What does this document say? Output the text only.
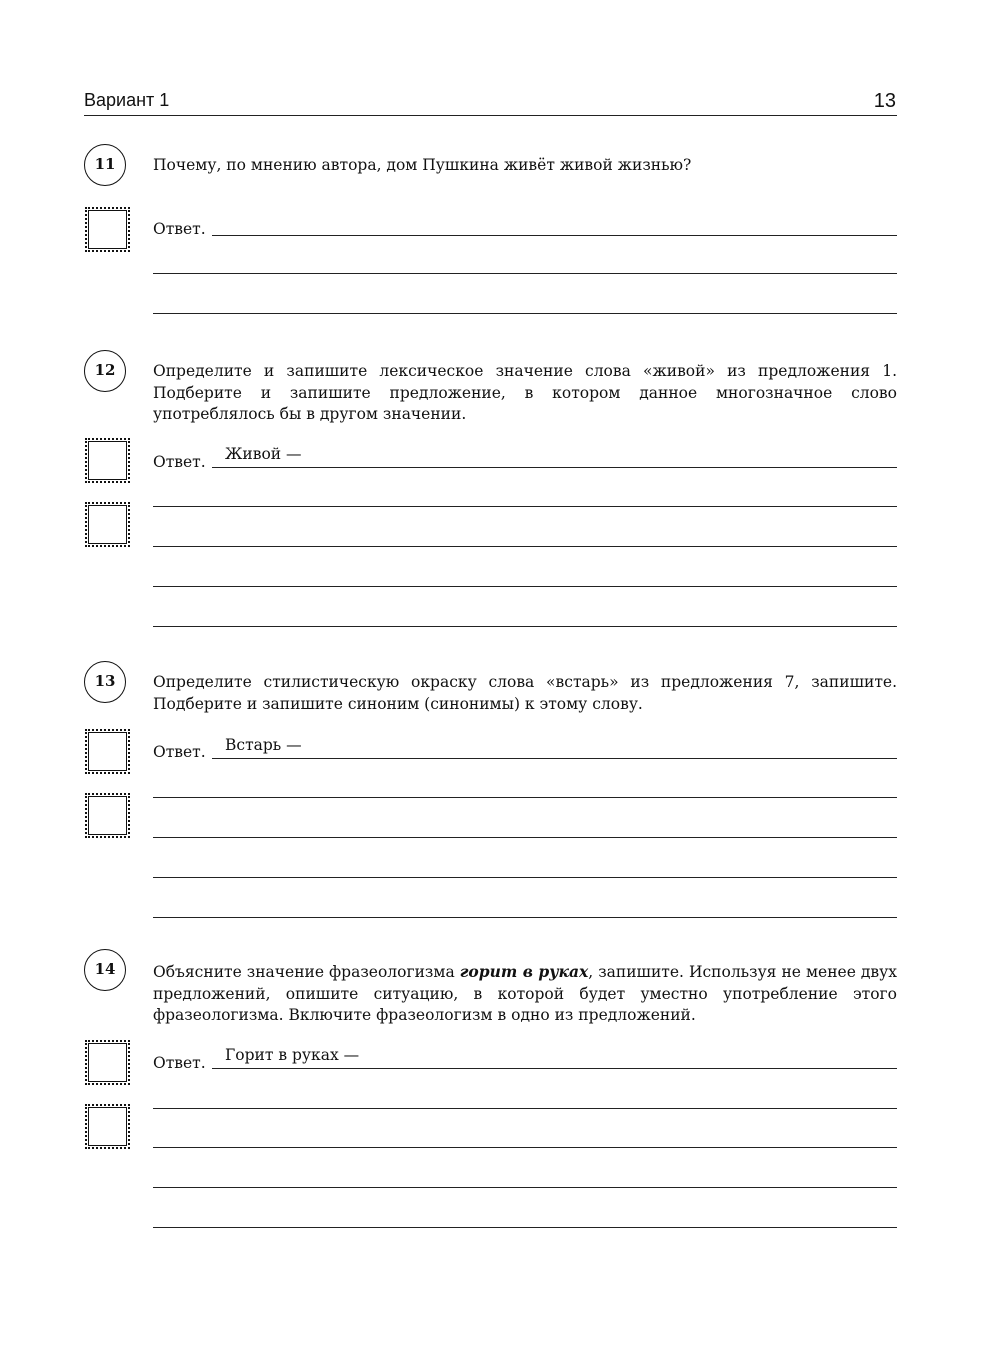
Вариант 1	13
11	Почему, по мнению автора, дом Пушкина живёт живой жизнью?

Ответ.
12	Определите и запишите лексическое значение слова «живой» из предложения 1. Подберите и запишите предложение, в котором данное многозначное слово употреблялось бы в другом значении.

Ответ. Живой —
13	Определите стилистическую окраску слова «встарь» из предложения 7, запишите. Подберите и запишите синоним (синонимы) к этому слову.

Ответ. Встарь —
14	Объясните значение фразеологизма горит в руках, запишите. Используя не менее двух предложений, опишите ситуацию, в которой будет уместно употребление этого фразеологизма. Включите фразеологизм в одно из предложений.

Ответ. Горит в руках —
